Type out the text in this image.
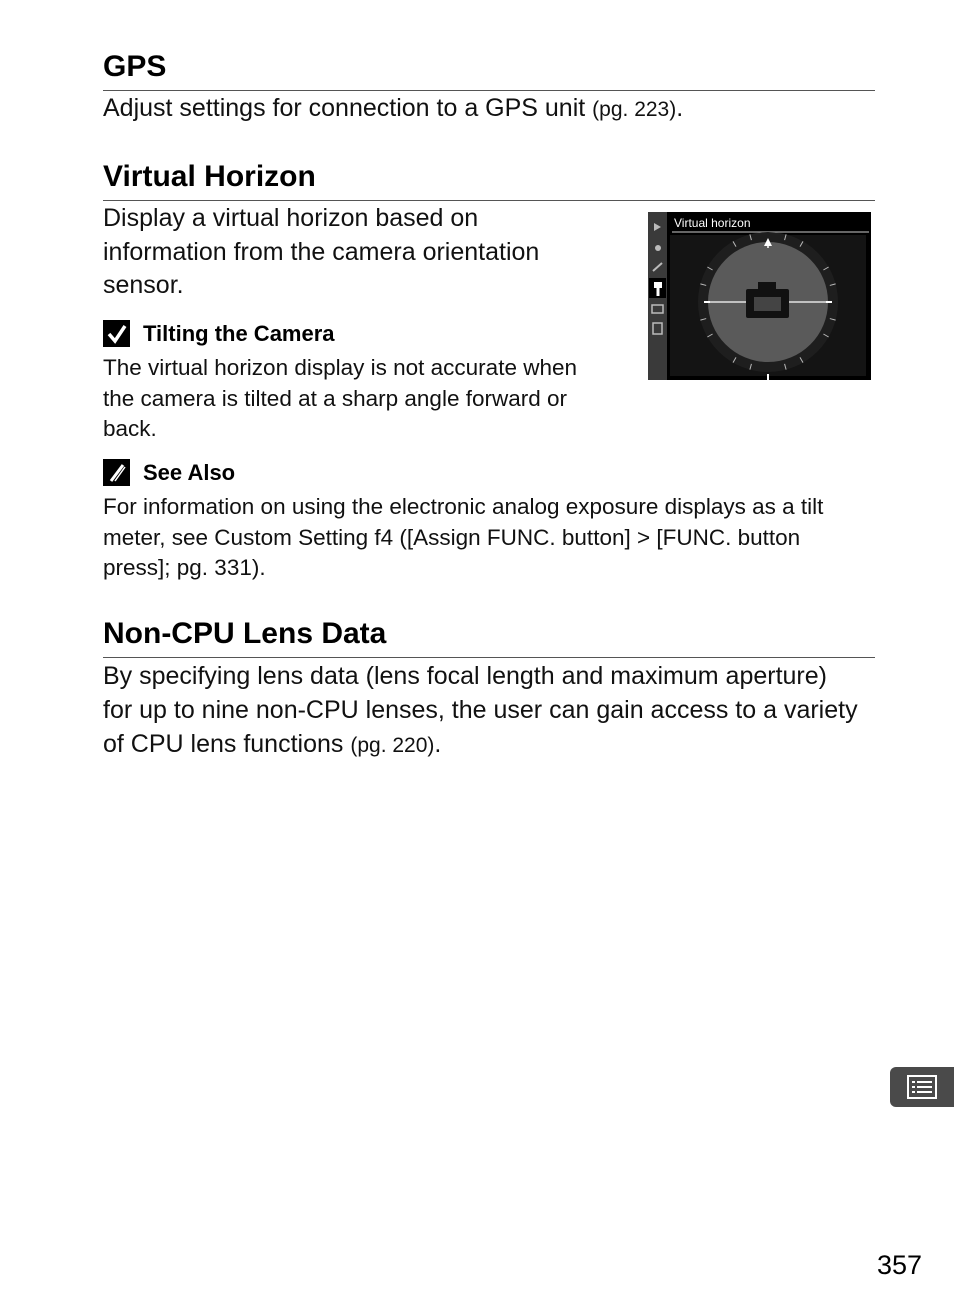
GPS

Adjust settings for connection to a GPS unit (pg. 223).

Virtual Horizon

Display a virtual horizon based on
information from the camera orientation
sensor.

Virtual horizon
Tilting the Camera

The virtual horizon display is not accurate when
the camera is tilted at a sharp angle forward or
back.

See Also

For information on using the electronic analog exposure displays as a tilt
meter, see Custom Setting f4 ([Assign FUNC. button] > [FUNC. button
press]; pg. 331).

Non-CPU Lens Data

By specifying lens data (lens focal length and maximum aperture)
for up to nine non-CPU lenses, the user can gain access to a variety
of CPU lens functions (pg. 220).

357
